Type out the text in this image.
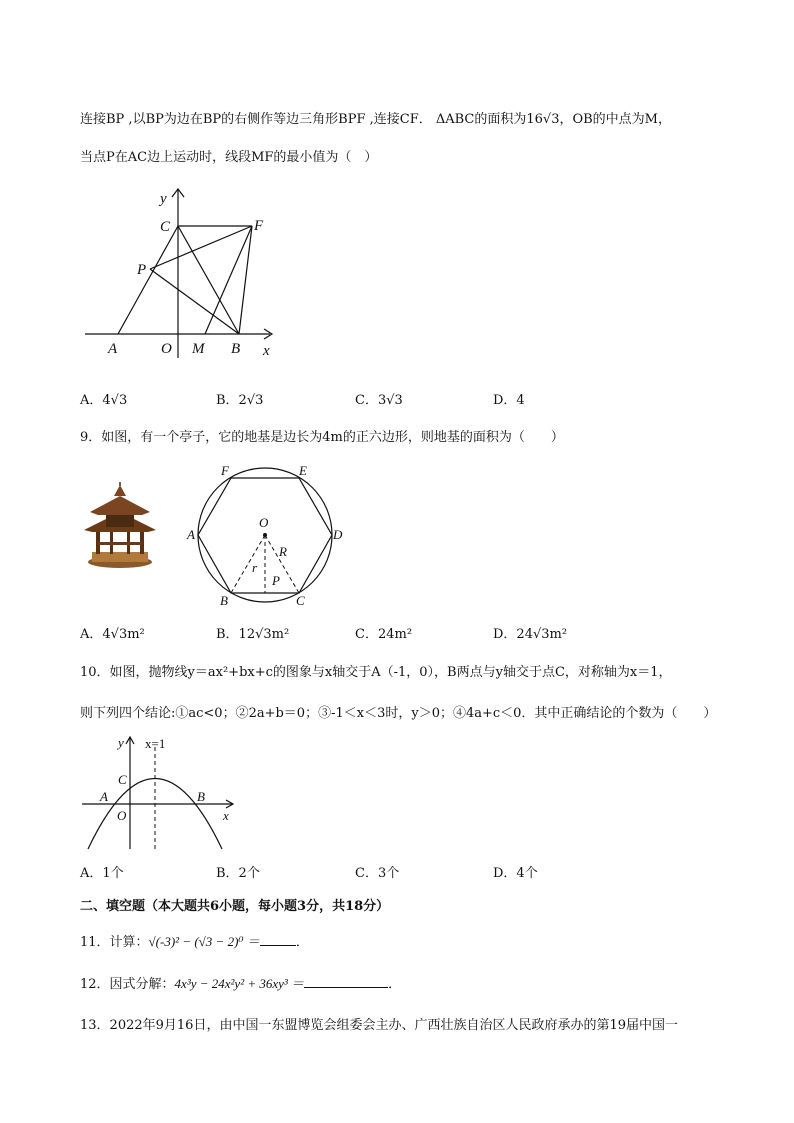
连接BP ,以BP为边在BP的右侧作等边三角形BPF ,连接CF． ΔABC的面积为16√3，OB的中点为M，
当点P在AC边上运动时，线段MF的最小值为（　）
y
C	F
P
A	O M B x
A．4√3	B．2√3	C．3√3	D．4
9．如图，有一个亭子，它的地基是边长为4m的正六边形，则地基的面积为（　　）
F	E
O
A	D
R
r
P
B	C
A．4√3m²	B．12√3m²	C．24m²	D．24√3m²
10．如图，抛物线y＝ax²+bx+c的图象与x轴交于A（-1，0），B两点与y轴交于点C，对称轴为x＝1，
则下列四个结论:①ac<0；②2a+b＝0；③-1＜x＜3时，y＞0；④4a+c＜0．其中正确结论的个数为（　　）
y x=1
C
A	B
O	x
A．1个	B．2个	C．3个	D．4个
二、填空题（本大题共6小题，每小题3分，共18分）
11．计算：√(-3)² − (√3 − 2)⁰ ＝	．
12．因式分解：4x³y − 24x²y² + 36xy³ ＝	．
13．2022年9月16日，由中国一东盟博览会组委会主办、广西壮族自治区人民政府承办的第19届中国一
